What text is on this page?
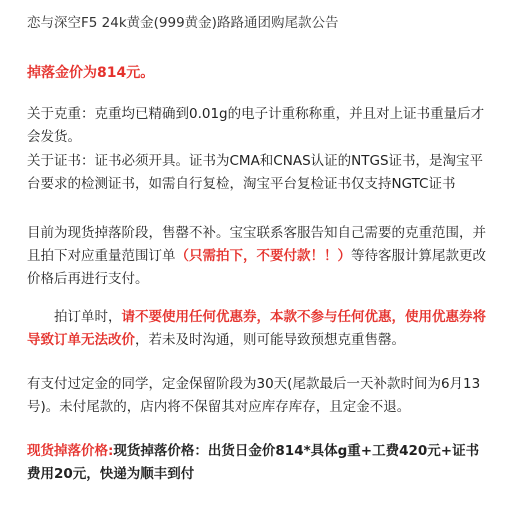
恋与深空F5 24k黄金(999黄金)路路通团购尾款公告

掉落金价为814元。

关于克重：克重均已精确到0.01g的电子计重称称重，并且对上证书重量后才会发货。

关于证书：证书必须开具。证书为CMA和CNAS认证的NTGS证书，是淘宝平台要求的检测证书，如需自行复检，淘宝平台复检证书仅支持NGTC证书

目前为现货掉落阶段，售罄不补。宝宝联系客服告知自己需要的克重范围，并且拍下对应重量范围订单（只需拍下，不要付款！！）等待客服计算尾款更改价格后再进行支付。

拍订单时，请不要使用任何优惠券，本款不参与任何优惠，使用优惠券将导致订单无法改价，若未及时沟通，则可能导致预想克重售罄。

有支付过定金的同学，定金保留阶段为30天(尾款最后一天补款时间为6月13号)。未付尾款的，店内将不保留其对应库存库存，且定金不退。

现货掉落价格:现货掉落价格：出货日金价814*具体g重+工费420元+证书费用20元，快递为顺丰到付
